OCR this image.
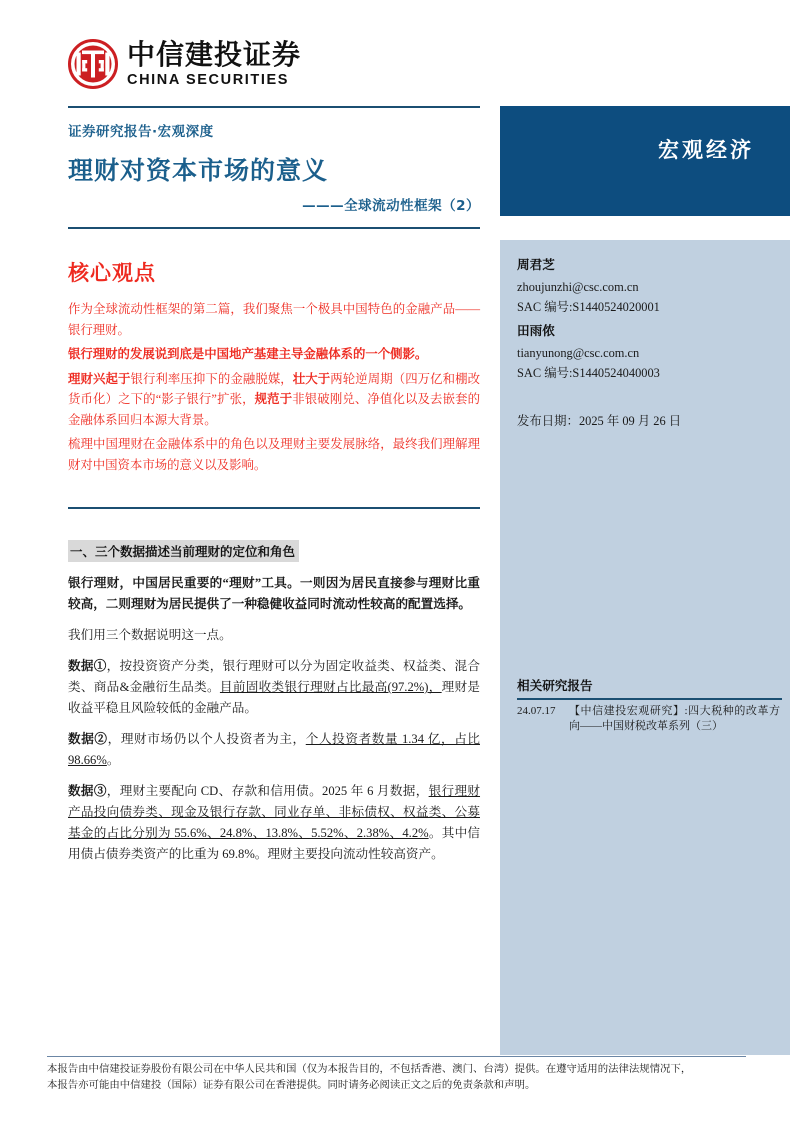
中信建投证券
CHINA SECURITIES
证券研究报告·宏观深度
理财对资本市场的意义
———全球流动性框架（2）
核心观点

作为全球流动性框架的第二篇，我们聚焦一个极具中国特色的金融产品——银行理财。

银行理财的发展说到底是中国地产基建主导金融体系的一个侧影。

理财兴起于银行利率压抑下的金融脱媒，壮大于两轮逆周期（四万亿和棚改货币化）之下的“影子银行”扩张，规范于非银破刚兑、净值化以及去嵌套的金融体系回归本源大背景。

梳理中国理财在金融体系中的角色以及理财主要发展脉络，最终我们理解理财对中国资本市场的意义以及影响。

一、三个数据描述当前理财的定位和角色

银行理财，中国居民重要的“理财”工具。一则因为居民直接参与理财比重较高，二则理财为居民提供了一种稳健收益同时流动性较高的配置选择。

我们用三个数据说明这一点。

数据①，按投资资产分类，银行理财可以分为固定收益类、权益类、混合类、商品&金融衍生品类。目前固收类银行理财占比最高(97.2%)，理财是收益平稳且风险较低的金融产品。

数据②，理财市场仍以个人投资者为主，个人投资者数量 1.34 亿，占比 98.66%。

数据③，理财主要配向 CD、存款和信用债。2025 年 6 月数据，银行理财产品投向债券类、现金及银行存款、同业存单、非标债权、权益类、公募基金的占比分别为 55.6%、24.8%、13.8%、5.52%、2.38%、4.2%。其中信用债占债券类资产的比重为 69.8%。理财主要投向流动性较高资产。

宏观经济
周君芝
zhoujunzhi@csc.com.cn
SAC 编号:S1440524020001
田雨侬
tianyunong@csc.com.cn
SAC 编号:S1440524040003
发布日期：2025 年 09 月 26 日
相关研究报告
24.07.17	【中信建投宏观研究】:四大税种的改革方向——中国财税改革系列（三）

本报告由中信建投证券股份有限公司在中华人民共和国（仅为本报告目的，不包括香港、澳门、台湾）提供。在遵守适用的法律法规情况下，

本报告亦可能由中信建投（国际）证券有限公司在香港提供。同时请务必阅读正文之后的免责条款和声明。
